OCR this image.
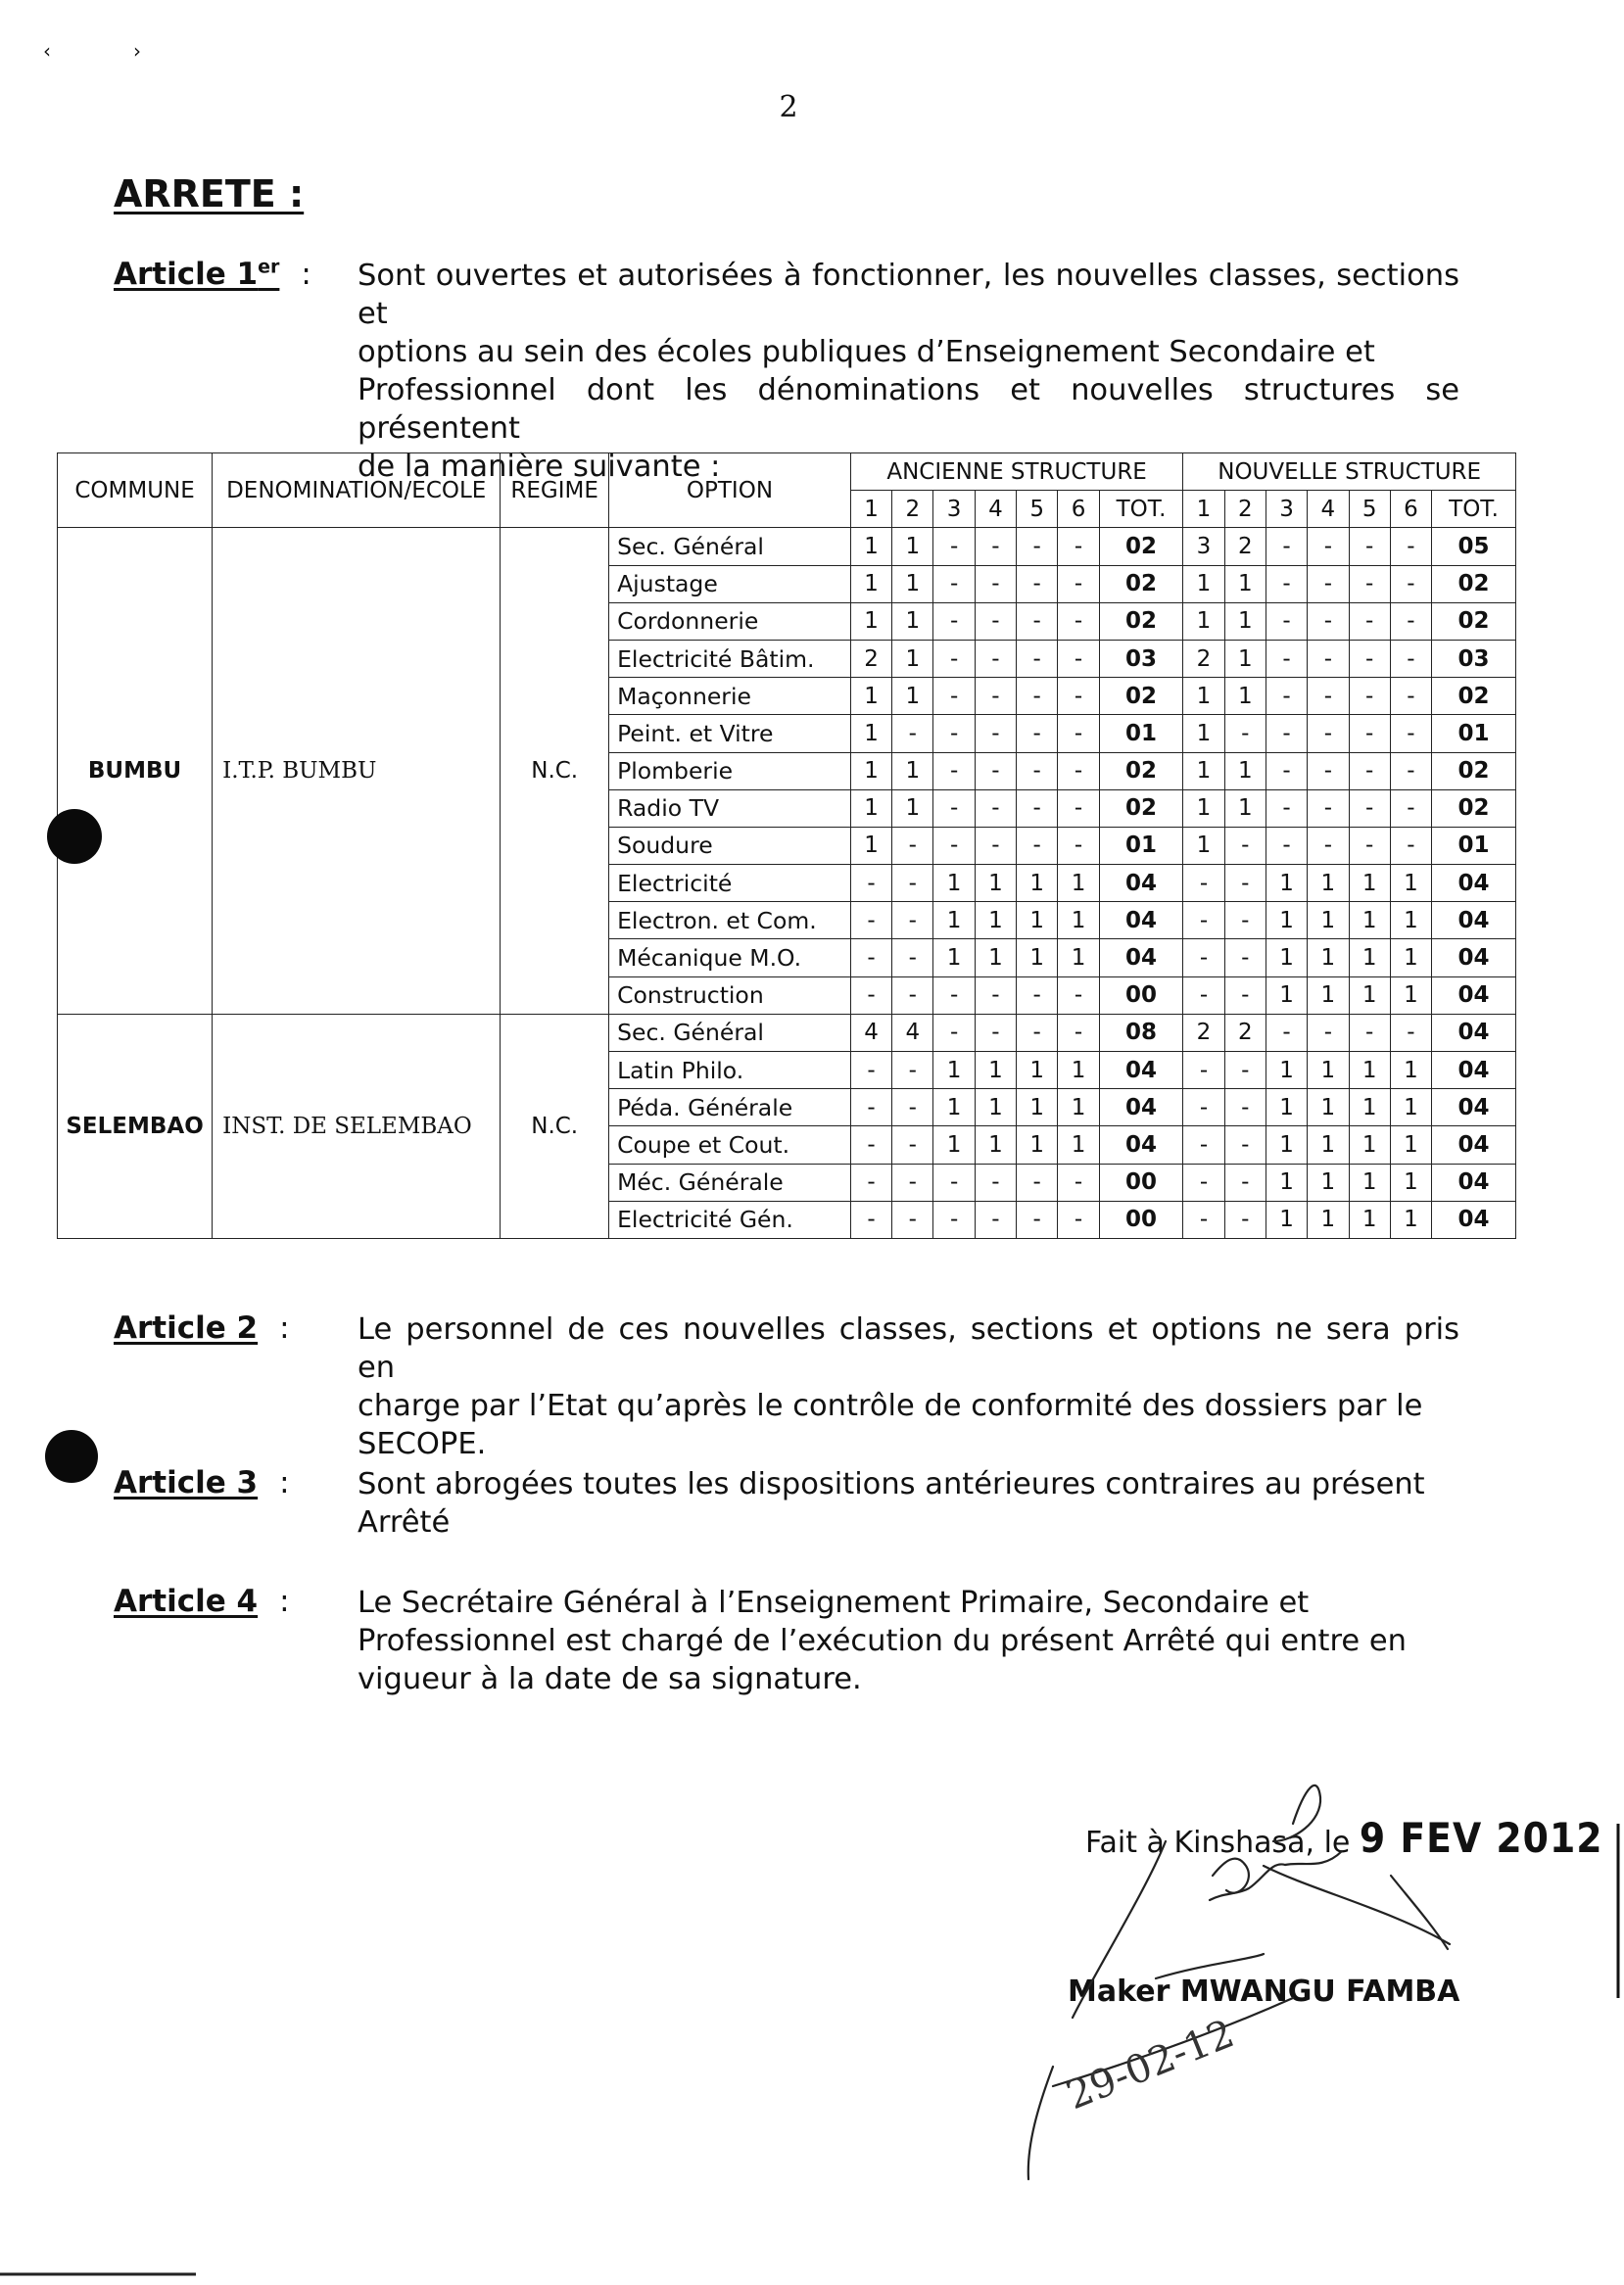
‹	›
2
ARRETE :
Article 1er : Sont ouvertes et autorisées à fonctionner, les nouvelles classes, sections et

options au sein des écoles publiques d’Enseignement Secondaire et

Professionnel dont les dénominations et nouvelles structures se présentent

de la manière suivante :

COMMUNE	DENOMINATION/ECOLE	REGIME	OPTION	ANCIENNE STRUCTURE							NOUVELLE STRUCTURE						
				1	2	3	4	5	6	TOT.	1	2	3	4	5	6	TOT.
BUMBU	I.T.P. BUMBU	N.C.	Sec. Général	1	1	-	-	-	-	02	3	2	-	-	-	-	05
			Ajustage	1	1	-	-	-	-	02	1	1	-	-	-	-	02
			Cordonnerie	1	1	-	-	-	-	02	1	1	-	-	-	-	02
			Electricité Bâtim.	2	1	-	-	-	-	03	2	1	-	-	-	-	03
			Maçonnerie	1	1	-	-	-	-	02	1	1	-	-	-	-	02
			Peint. et Vitre	1	-	-	-	-	-	01	1	-	-	-	-	-	01
			Plomberie	1	1	-	-	-	-	02	1	1	-	-	-	-	02
			Radio TV	1	1	-	-	-	-	02	1	1	-	-	-	-	02
			Soudure	1	-	-	-	-	-	01	1	-	-	-	-	-	01
			Electricité	-	-	1	1	1	1	04	-	-	1	1	1	1	04
			Electron. et Com.	-	-	1	1	1	1	04	-	-	1	1	1	1	04
			Mécanique M.O.	-	-	1	1	1	1	04	-	-	1	1	1	1	04
			Construction	-	-	-	-	-	-	00	-	-	1	1	1	1	04
SELEMBAO	INST. DE SELEMBAO	N.C.	Sec. Général	4	4	-	-	-	-	08	2	2	-	-	-	-	04
			Latin Philo.	-	-	1	1	1	1	04	-	-	1	1	1	1	04
			Péda. Générale	-	-	1	1	1	1	04	-	-	1	1	1	1	04
			Coupe et Cout.	-	-	1	1	1	1	04	-	-	1	1	1	1	04
			Méc. Générale	-	-	-	-	-	-	00	-	-	1	1	1	1	04
			Electricité Gén.	-	-	-	-	-	-	00	-	-	1	1	1	1	04
Article 2 : Le personnel de ces nouvelles classes, sections et options ne sera pris en

charge par l’Etat qu’après le contrôle de conformité des dossiers par le

SECOPE.

Article 3 : Sont abrogées toutes les dispositions antérieures contraires au présent

Arrêté

Article 4 : Le Secrétaire Général à l’Enseignement Primaire, Secondaire et

Professionnel est chargé de l’exécution du présent Arrêté qui entre en

vigueur à la date de sa signature.

Fait à Kinshasa, le 9 FEV 2012
Maker MWANGU FAMBA
29-02-12
